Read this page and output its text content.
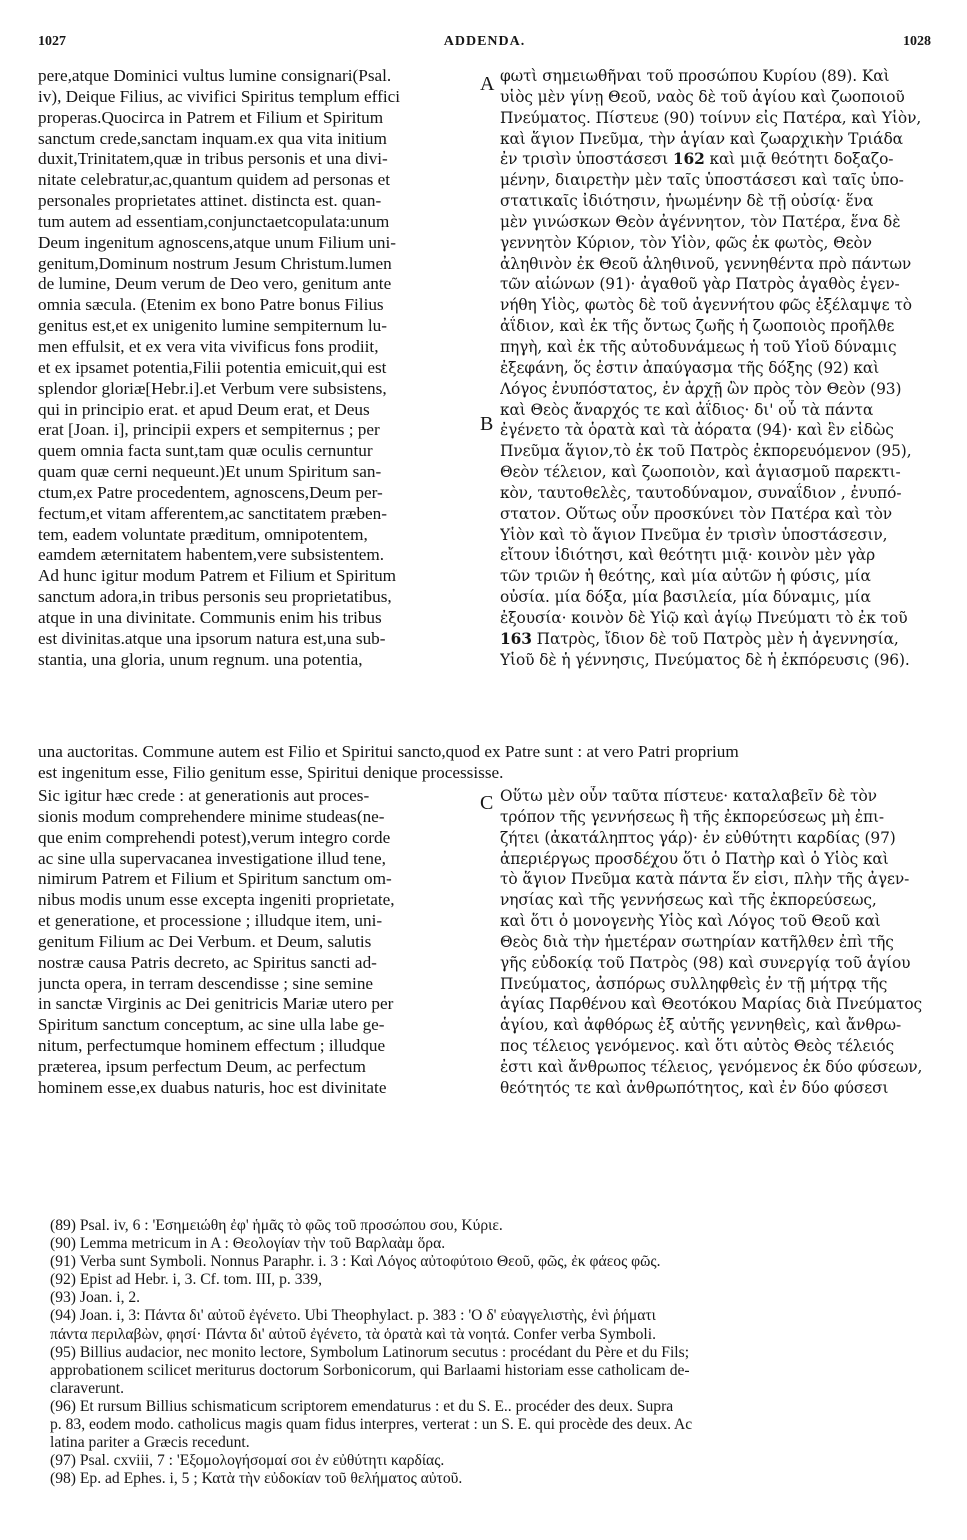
1027	ADDENDA.	1028
A
B
C
pere,atque Dominici vultus lumine consignari(Psal.
iv), Deique Filius, ac vivifici Spiritus templum effici
properas.Quocirca in Patrem et Filium et Spiritum
sanctum crede,sanctam inquam.ex qua vita initium
duxit,Trinitatem,quæ in tribus personis et una divi-
nitate celebratur,ac,quantum quidem ad personas et
personales proprietates attinet. distincta est. quan-
tum autem ad essentiam,conjunctaetcopulata:unum
Deum ingenitum agnoscens,atque unum Filium uni-
genitum,Dominum nostrum Jesum Christum.lumen
de lumine, Deum verum de Deo vero, genitum ante
omnia sæcula. (Etenim ex bono Patre bonus Filius
genitus est,et ex unigenito lumine sempiternum lu-
men effulsit, et ex vera vita vivificus fons prodiit,
et ex ipsamet potentia,Filii potentia emicuit,qui est
splendor gloriæ[Hebr.i].et Verbum vere subsistens,
qui in principio erat. et apud Deum erat, et Deus
erat [Joan. i], principii expers et sempiternus ; per
quem omnia facta sunt,tam quæ oculis cernuntur
quam quæ cerni nequeunt.)Et unum Spiritum san-
ctum,ex Patre procedentem, agnoscens,Deum per-
fectum,et vitam afferentem,ac sanctitatem præben-
tem, eadem voluntate præditum, omnipotentem,
eamdem æternitatem habentem,vere subsistentem.
Ad hunc igitur modum Patrem et Filium et Spiritum
sanctum adora,in tribus personis seu proprietatibus,
atque in una divinitate. Communis enim his tribus
est divinitas.atque una ipsorum natura est,una sub-
stantia, una gloria, unum regnum. una potentia,
φωτὶ σημειωθῆναι τοῦ προσώπου Κυρίου (89). Καὶ
υἱὸς μὲν γίνῃ Θεοῦ, ναὸς δὲ τοῦ ἁγίου καὶ ζωοποιοῦ
Πνεύματος. Πίστευε (90) τοίνυν εἰς Πατέρα, καὶ Υἱὸν,
καὶ ἅγιον Πνεῦμα, τὴν ἁγίαν καὶ ζωαρχικὴν Τριάδα
ἐν τρισὶν ὑποστάσεσι 162 καὶ μιᾷ θεότητι δοξαζο-
μένην, διαιρετὴν μὲν ταῖς ὑποστάσεσι καὶ ταῖς ὑπο-
στατικαῖς ἰδιότησιν, ἡνωμένην δὲ τῇ οὐσίᾳ· ἕνα
μὲν γινώσκων Θεὸν ἀγέννητον, τὸν Πατέρα, ἕνα δὲ
γεννητὸν Κύριον, τὸν Υἱὸν, φῶς ἐκ φωτὸς, Θεὸν
ἀληθινὸν ἐκ Θεοῦ ἀληθινοῦ, γεννηθέντα πρὸ πάντων
τῶν αἰώνων (91)· ἀγαθοῦ γὰρ Πατρὸς ἀγαθὸς ἐγεν-
νήθη Υἱὸς, φωτὸς δὲ τοῦ ἀγεννήτου φῶς ἐξέλαμψε τὸ
ἀΐδιον, καὶ ἐκ τῆς ὄντως ζωῆς ἡ ζωοποιὸς προῆλθε
πηγὴ, καὶ ἐκ τῆς αὐτοδυνάμεως ἡ τοῦ Υἱοῦ δύναμις
ἐξεφάνη, ὅς ἐστιν ἀπαύγασμα τῆς δόξης (92) καὶ
Λόγος ἐνυπόστατος, ἐν ἀρχῇ ὢν πρὸς τὸν Θεὸν (93)
καὶ Θεὸς ἄναρχός τε καὶ ἀΐδιος· δι' οὗ τὰ πάντα
ἐγένετο τὰ ὁρατὰ καὶ τὰ ἀόρατα (94)· καὶ ἓν εἰδὼς
Πνεῦμα ἅγιον,τὸ ἐκ τοῦ Πατρὸς ἐκπορευόμενον (95),
Θεὸν τέλειον, καὶ ζωοποιὸν, καὶ ἁγιασμοῦ παρεκτι-
κὸν, ταυτοθελὲς, ταυτοδύναμον, συναΐδιον , ἐνυπό-
στατον. Οὕτως οὖν προσκύνει τὸν Πατέρα καὶ τὸν
Υἱὸν καὶ τὸ ἅγιον Πνεῦμα ἐν τρισὶν ὑποστάσεσιν,
εἴτουν ἰδιότησι, καὶ θεότητι μιᾷ· κοινὸν μὲν γὰρ
τῶν τριῶν ἡ θεότης, καὶ μία αὐτῶν ἡ φύσις, μία
οὐσία. μία δόξα, μία βασιλεία, μία δύναμις, μία
ἐξουσία· κοινὸν δὲ Υἱῷ καὶ ἁγίῳ Πνεύματι τὸ ἐκ τοῦ
163 Πατρὸς, ἴδιον δὲ τοῦ Πατρὸς μὲν ἡ ἀγεννησία,
Υἱοῦ δὲ ἡ γέννησις, Πνεύματος δὲ ἡ ἐκπόρευσις (96).
una auctoritas. Commune autem est Filio et Spiritui sancto,quod ex Patre sunt : at vero Patri proprium
est ingenitum esse, Filio genitum esse, Spiritui denique processisse.
Sic igitur hæc crede : at generationis aut proces-
sionis modum comprehendere minime studeas(ne-
que enim comprehendi potest),verum integro corde
ac sine ulla supervacanea investigatione illud tene,
nimirum Patrem et Filium et Spiritum sanctum om-
nibus modis unum esse excepta ingeniti proprietate,
et generatione, et processione ; illudque item, uni-
genitum Filium ac Dei Verbum. et Deum, salutis
nostræ causa Patris decreto, ac Spiritus sancti ad-
juncta opera, in terram descendisse ; sine semine
in sanctæ Virginis ac Dei genitricis Mariæ utero per
Spiritum sanctum conceptum, ac sine ulla labe ge-
nitum, perfectumque hominem effectum ; illudque
præterea, ipsum perfectum Deum, ac perfectum
hominem esse,ex duabus naturis, hoc est divinitate
Οὕτω μὲν οὖν ταῦτα πίστευε· καταλαβεῖν δὲ τὸν
τρόπον τῆς γεννήσεως ἢ τῆς ἐκπορεύσεως μὴ ἐπι-
ζήτει (ἀκατάληπτος γάρ)· ἐν εὐθύτητι καρδίας (97)
ἀπεριέργως προσδέχου ὅτι ὁ Πατὴρ καὶ ὁ Υἱὸς καὶ
τὸ ἅγιον Πνεῦμα κατὰ πάντα ἕν εἰσι, πλὴν τῆς ἀγεν-
νησίας καὶ τῆς γεννήσεως καὶ τῆς ἐκπορεύσεως,
καὶ ὅτι ὁ μονογενὴς Υἱὸς καὶ Λόγος τοῦ Θεοῦ καὶ
Θεὸς διὰ τὴν ἡμετέραν σωτηρίαν κατῆλθεν ἐπὶ τῆς
γῆς εὐδοκίᾳ τοῦ Πατρὸς (98) καὶ συνεργίᾳ τοῦ ἁγίου
Πνεύματος, ἀσπόρως συλληφθεὶς ἐν τῇ μήτρᾳ τῆς
ἁγίας Παρθένου καὶ Θεοτόκου Μαρίας διὰ Πνεύματος
ἁγίου, καὶ ἀφθόρως ἐξ αὐτῆς γεννηθεὶς, καὶ ἄνθρω-
πος τέλειος γενόμενος. καὶ ὅτι αὐτὸς Θεὸς τέλειός
ἐστι καὶ ἄνθρωπος τέλειος, γενόμενος ἐκ δύο φύσεων,
θεότητός τε καὶ ἀνθρωπότητος, καὶ ἐν δύο φύσεσι
(89) Psal. iv, 6 : 'Εσημειώθη ἐφ' ἡμᾶς τὸ φῶς τοῦ προσώπου σου, Κύριε.
(90) Lemma metricum in A : Θεολογίαν τὴν τοῦ Βαρλαὰμ ὅρα.
(91) Verba sunt Symboli. Nonnus Paraphr. i. 3 : Καὶ Λόγος αὐτοφύτοιο Θεοῦ, φῶς, ἐκ φάεος φῶς.
(92) Epist ad Hebr. i, 3. Cf. tom. III, p. 339,
(93) Joan. i, 2.
(94) Joan. i, 3: Πάντα δι' αὐτοῦ ἐγένετο. Ubi Theophylact. p. 383 : 'Ο δ' εὐαγγελιστὴς, ἑνὶ ῥήματι
πάντα περιλαβὼν, φησί· Πάντα δι' αὐτοῦ ἐγένετο, τὰ ὁρατὰ καὶ τὰ νοητά. Confer verba Symboli.
(95) Billius audacior, nec monito lectore, Symbolum Latinorum secutus : procédant du Père et du Fils;
approbationem scilicet meriturus doctorum Sorbonicorum, qui Barlaami historiam esse catholicam de-
claraverunt.
(96) Et rursum Billius schismaticum scriptorem emendaturus : et du S. E.. procéder des deux. Supra
p. 83, eodem modo. catholicus magis quam fidus interpres, verterat : un S. E. qui procède des deux. Ac
latina pariter a Græcis recedunt.
(97) Psal. cxviii, 7 : 'Εξομολογήσομαί σοι ἐν εὐθύτητι καρδίας.
(98) Ep. ad Ephes. i, 5 ; Κατὰ τὴν εὐδοκίαν τοῦ θελήματος αὐτοῦ.
